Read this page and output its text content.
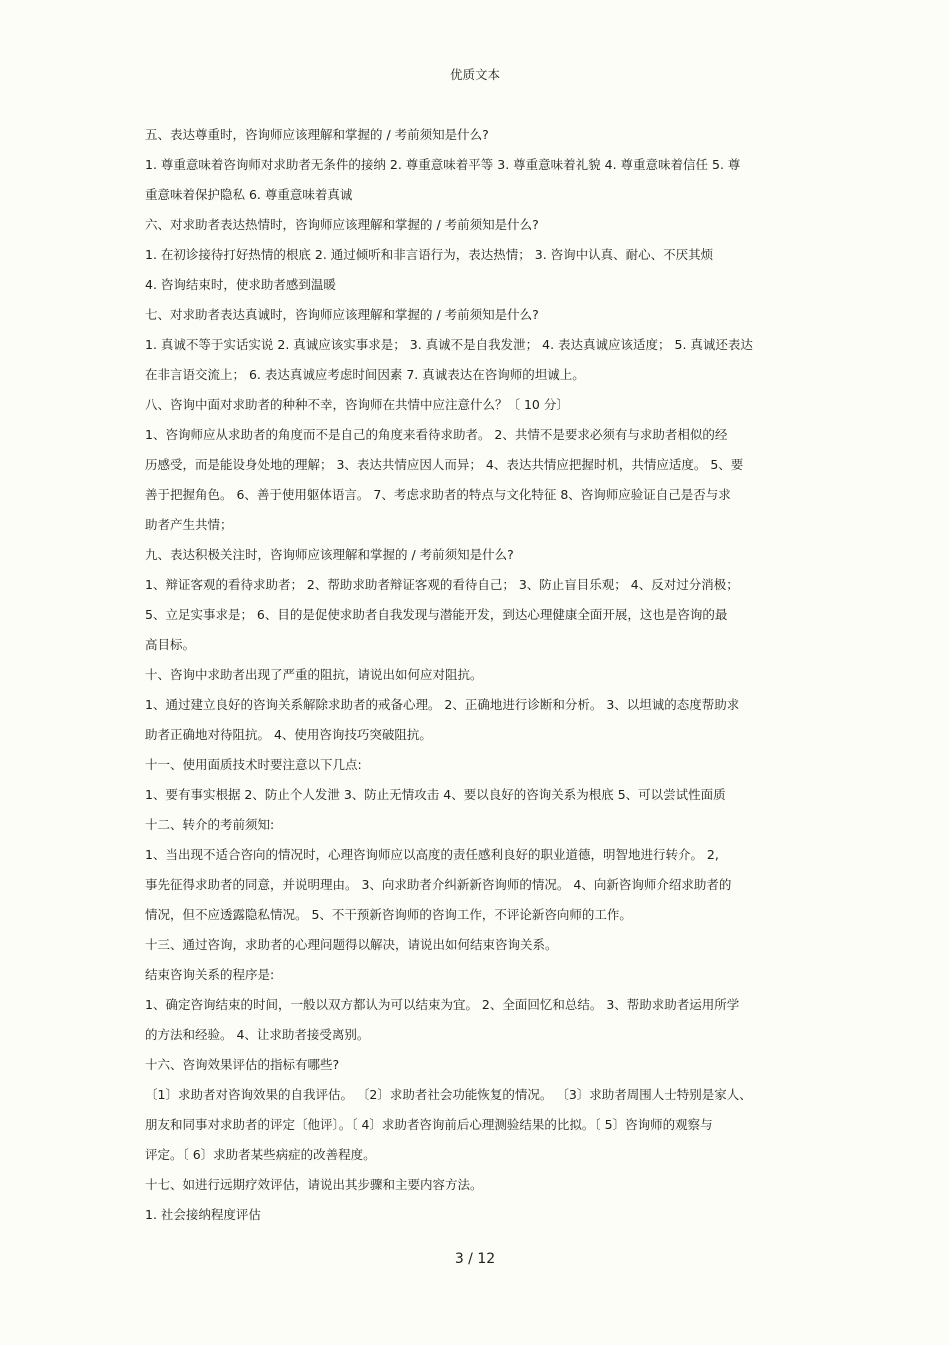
优质文本
五、表达尊重时，咨询师应该理解和掌握的 / 考前须知是什么?
1. 尊重意味着咨询师对求助者无条件的接纳 2. 尊重意味着平等 3. 尊重意味着礼貌 4. 尊重意味着信任 5. 尊
重意味着保护隐私 6. 尊重意味着真诚
六、对求助者表达热情时，咨询师应该理解和掌握的 / 考前须知是什么?
1. 在初诊接待打好热情的根底 2. 通过倾听和非言语行为，表达热情； 3. 咨询中认真、耐心、不厌其烦
4. 咨询结束时，使求助者感到温暖
七、对求助者表达真诚时，咨询师应该理解和掌握的 / 考前须知是什么?
1. 真诚不等于实话实说 2. 真诚应该实事求是； 3. 真诚不是自我发泄； 4. 表达真诚应该适度； 5. 真诚还表达
在非言语交流上； 6. 表达真诚应考虑时间因素 7. 真诚表达在咨询师的坦诚上。
八、咨询中面对求助者的种种不幸，咨询师在共情中应注意什么？〔 10 分〕
1、咨询师应从求助者的角度而不是自己的角度来看待求助者。 2、共情不是要求必须有与求助者相似的经
历感受，而是能设身处地的理解； 3、表达共情应因人而异； 4、表达共情应把握时机，共情应适度。 5、要
善于把握角色。 6、善于使用躯体语言。 7、考虑求助者的特点与文化特征 8、咨询师应验证自己是否与求
助者产生共情；
九、表达积极关注时，咨询师应该理解和掌握的 / 考前须知是什么?
1、辩证客观的看待求助者； 2、帮助求助者辩证客观的看待自己； 3、防止盲目乐观； 4、反对过分消极；
5、立足实事求是； 6、目的是促使求助者自我发现与潜能开发，到达心理健康全面开展，这也是咨询的最
高目标。
十、咨询中求助者出现了严重的阻抗，请说出如何应对阻抗。
1、通过建立良好的咨询关系解除求助者的戒备心理。 2、正确地进行诊断和分析。 3、以坦诚的态度帮助求
助者正确地对待阻抗。 4、使用咨询技巧突破阻抗。
十一、使用面质技术时要注意以下几点:
1、要有事实根据 2、防止个人发泄 3、防止无情攻击 4、要以良好的咨询关系为根底 5、可以尝试性面质
十二、转介的考前须知:
1、当出现不适合咨向的情况时，心理咨询师应以高度的责任感利良好的职业道德，明智地进行转介。 2,
事先征得求助者的同意，并说明理由。 3、向求助者介纠新新咨询师的情况。 4、向新咨询师介绍求助者的
情况，但不应透露隐私情况。 5、不干预新咨询师的咨询工作，不评论新咨向师的工作。
十三、通过咨询，求助者的心理问题得以解决，请说出如何结束咨询关系。
结束咨询关系的程序是:
1、确定咨询结束的时间，一般以双方都认为可以结束为宜。 2、全面回忆和总结。 3、帮助求助者运用所学
的方法和经验。 4、让求助者接受离别。
十六、咨询效果评估的指标有哪些?
〔1〕求助者对咨询效果的自我评估。 〔2〕求助者社会功能恢复的情况。 〔3〕求助者周围人士特别是家人、
朋友和同事对求助者的评定〔他评〕。〔 4〕求助者咨询前后心理测验结果的比拟。〔 5〕咨询师的观察与
评定。〔 6〕求助者某些病症的改善程度。
十七、如进行远期疗效评估，请说出其步骤和主要内容方法。
1. 社会接纳程度评估
3 / 12
